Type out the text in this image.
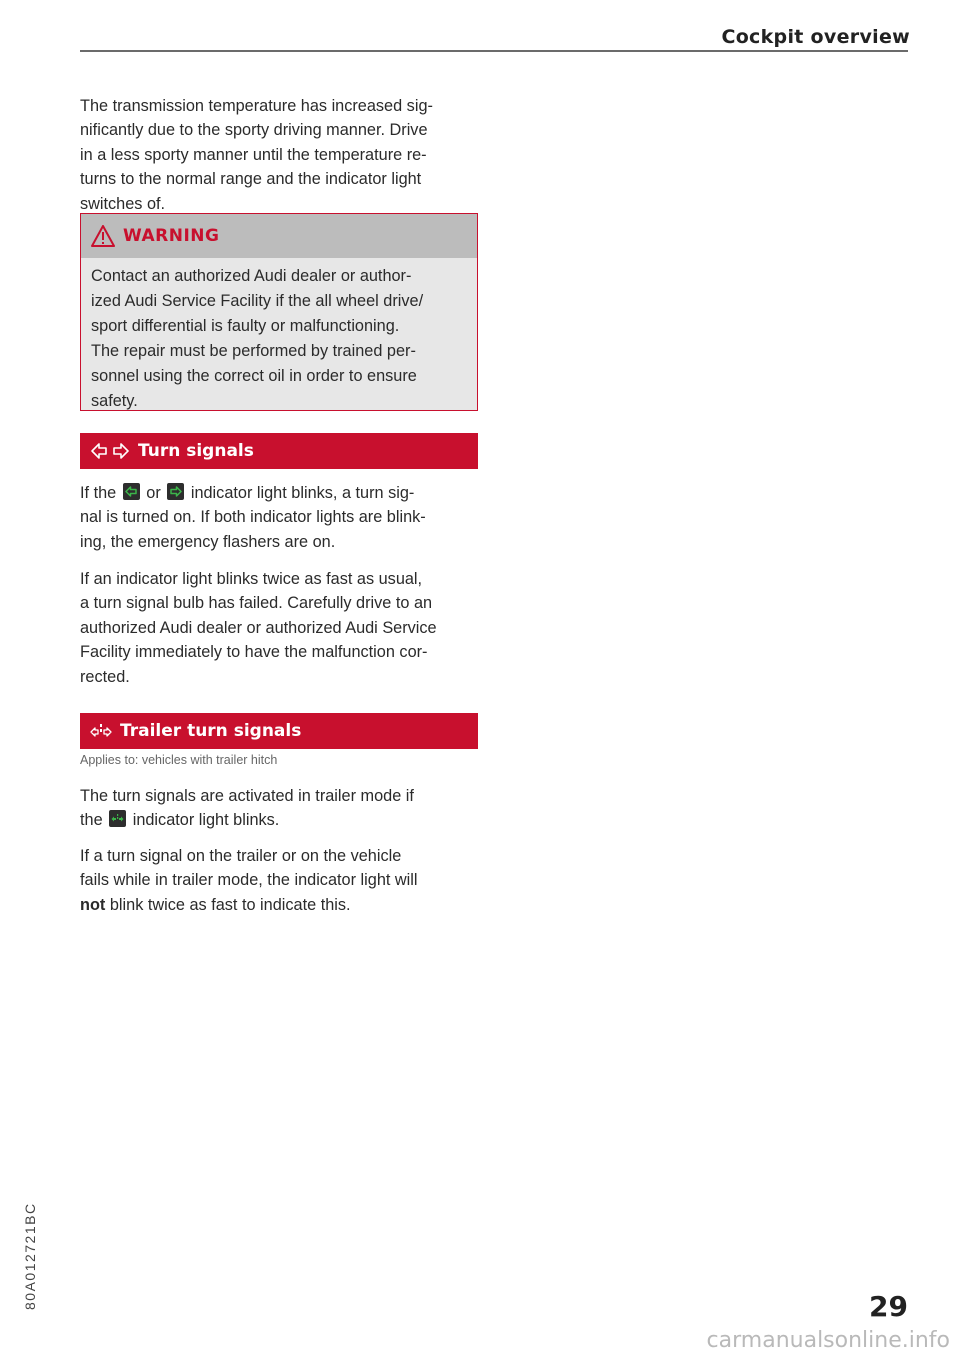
Cockpit overview

The transmission temperature has increased sig-

nificantly due to the sporty driving manner. Drive

in a less sporty manner until the temperature re-

turns to the normal range and the indicator light

switches of.

WARNING

Contact an authorized Audi dealer or author-

ized Audi Service Facility if the all wheel drive/

sport differential is faulty or malfunctioning.

The repair must be performed by trained per-

sonnel using the correct oil in order to ensure

safety.

Turn signals

If the or indicator light blinks, a turn sig-

nal is turned on. If both indicator lights are blink-

ing, the emergency flashers are on.

If an indicator light blinks twice as fast as usual,

a turn signal bulb has failed. Carefully drive to an

authorized Audi dealer or authorized Audi Service

Facility immediately to have the malfunction cor-

rected.

Trailer turn signals
Applies to: vehicles with trailer hitch

The turn signals are activated in trailer mode if

the indicator light blinks.

If a turn signal on the trailer or on the vehicle

fails while in trailer mode, the indicator light will

not blink twice as fast to indicate this.

80A012721BC	29
carmanualsonline.info
